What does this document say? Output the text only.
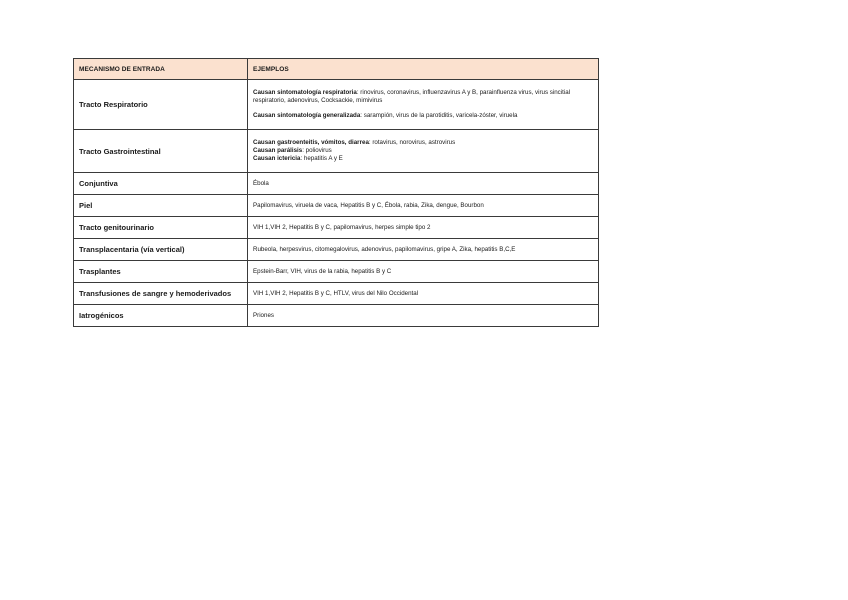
MECANISMO DE ENTRADA	EJEMPLOS
Tracto Respiratorio	Causan sintomatología respiratoria: rinovirus, coronavirus, influenzavirus A y B, parainfluenza virus, virus sincitial respiratorio, adenovirus, Cocksackie, mimivirus
Causan sintomatología generalizada: sarampión, virus de la parotiditis, varicela-zóster, viruela

Tracto Gastrointestinal	Causan gastroenteitis, vómitos, diarrea: rotavirus, norovirus, astrovirus
Causan parálisis: poliovirus
Causan ictericia: hepatitis A y E

Conjuntiva	Ébola
Piel	Papilomavirus, viruela de vaca, Hepatitis B y C, Ébola, rabia, Zika, dengue, Bourbon
Tracto genitourinario	VIH 1,VIH 2, Hepatitis B y C, papilomavirus, herpes simple tipo 2
Transplacentaria (vía vertical)	Rubeola, herpesvirus, citomegalovirus, adenovirus, papilomavirus, gripe A, Zika, hepatitis B,C,E
Trasplantes	Epstein-Barr, VIH, virus de la rabia, hepatitis B y C
Transfusiones de sangre y hemoderivados	VIH 1,VIH 2, Hepatitis B y C, HTLV, virus del Nilo Occidental
Iatrogénicos	Priones
